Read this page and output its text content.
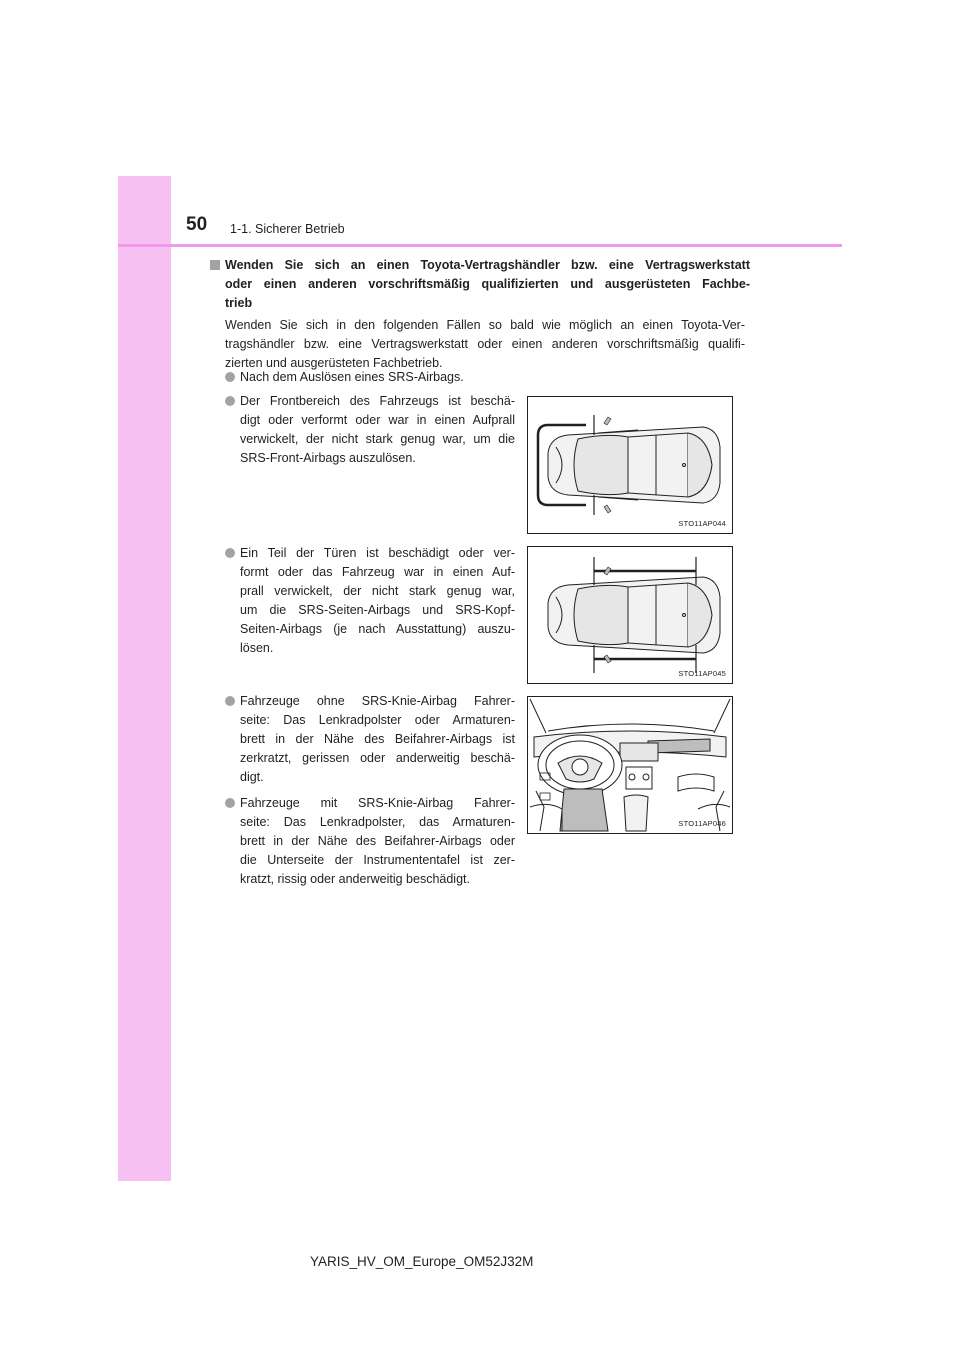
50 1-1. Sicherer Betrieb
Wenden Sie sich an einen Toyota-Vertragshändler bzw. eine Vertragswerkstatt
oder einen anderen vorschriftsmäßig qualifizierten und ausgerüsteten Fachbe-
trieb
Wenden Sie sich in den folgenden Fällen so bald wie möglich an einen Toyota-Ver-
tragshändler bzw. eine Vertragswerkstatt oder einen anderen vorschriftsmäßig qualifi-
zierten und ausgerüsteten Fachbetrieb.
Nach dem Auslösen eines SRS-Airbags.
Der Frontbereich des Fahrzeugs ist beschä-
digt oder verformt oder war in einen Aufprall
verwickelt, der nicht stark genug war, um die
SRS-Front-Airbags auszulösen.
Ein Teil der Türen ist beschädigt oder ver-
formt oder das Fahrzeug war in einen Auf-
prall verwickelt, der nicht stark genug war,
um die SRS-Seiten-Airbags und SRS-Kopf-
Seiten-Airbags (je nach Ausstattung) auszu-
lösen.
Fahrzeuge ohne SRS-Knie-Airbag Fahrer-
seite: Das Lenkradpolster oder Armaturen-
brett in der Nähe des Beifahrer-Airbags ist
zerkratzt, gerissen oder anderweitig beschä-
digt.
Fahrzeuge mit SRS-Knie-Airbag Fahrer-
seite: Das Lenkradpolster, das Armaturen-
brett in der Nähe des Beifahrer-Airbags oder
die Unterseite der Instrumententafel ist zer-
kratzt, rissig oder anderweitig beschädigt.
STO11AP044
STO11AP045
STO11AP046
YARIS_HV_OM_Europe_OM52J32M
